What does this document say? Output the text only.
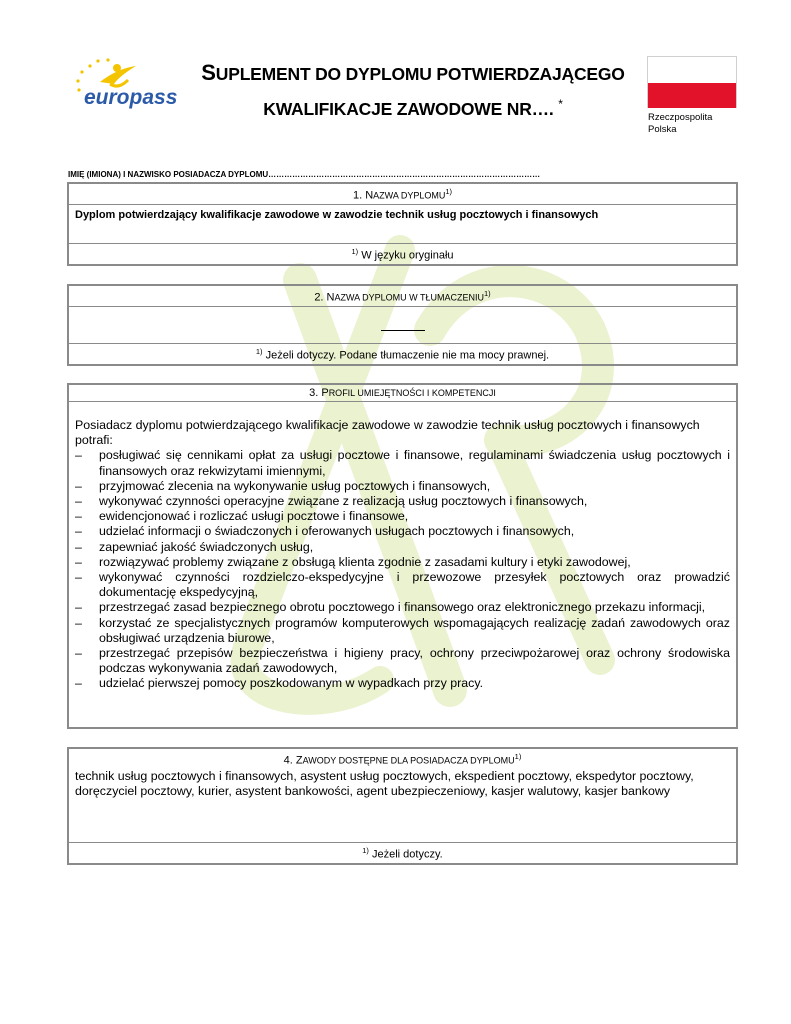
europass
SUPLEMENT DO DYPLOMU POTWIERDZAJĄCEGO
KWALIFIKACJE ZAWODOWE NR…. *
Rzeczpospolita
Polska
IMIĘ (IMIONA) I NAZWISKO POSIADACZA DYPLOMU…………………………………………………………………………………………
1. NAZWA DYPLOMU$^{1)}$
Dyplom potwierdzający kwalifikacje zawodowe w zawodzie technik usług pocztowych i finansowych
$^{1)}$ W języku oryginału
2. NAZWA DYPLOMU W TŁUMACZENIU$^{1)}$
$^{1)}$ Jeżeli dotyczy. Podane tłumaczenie nie ma mocy prawnej.
3. PROFIL UMIEJĘTNOŚCI I KOMPETENCJI
Posiadacz dyplomu potwierdzającego kwalifikacje zawodowe w zawodzie technik usług pocztowych i finansowych potrafi:
– posługiwać się cennikami opłat za usługi pocztowe i finansowe, regulaminami świadczenia usług pocztowych i finansowych oraz rekwizytami imiennymi,
– przyjmować zlecenia na wykonywanie usług pocztowych i finansowych,
– wykonywać czynności operacyjne związane z realizacją usług pocztowych i finansowych,
– ewidencjonować i rozliczać usługi pocztowe i finansowe,
– udzielać informacji o świadczonych i oferowanych usługach pocztowych i finansowych,
– zapewniać jakość świadczonych usług,
– rozwiązywać problemy związane z obsługą klienta zgodnie z zasadami kultury i etyki zawodowej,
– wykonywać czynności rozdzielczo-ekspedycyjne i przewozowe przesyłek pocztowych oraz prowadzić dokumentację ekspedycyjną,
– przestrzegać zasad bezpiecznego obrotu pocztowego i finansowego oraz elektronicznego przekazu informacji,
– korzystać ze specjalistycznych programów komputerowych wspomagających realizację zadań zawodowych oraz obsługiwać urządzenia biurowe,
– przestrzegać przepisów bezpieczeństwa i higieny pracy, ochrony przeciwpożarowej oraz ochrony środowiska podczas wykonywania zadań zawodowych,
– udzielać pierwszej pomocy poszkodowanym w wypadkach przy pracy.
4. ZAWODY DOSTĘPNE DLA POSIADACZA DYPLOMU$^{1)}$
technik usług pocztowych i finansowych, asystent usług pocztowych, ekspedient pocztowy, ekspedytor pocztowy, doręczyciel pocztowy, kurier, asystent bankowości, agent ubezpieczeniowy, kasjer walutowy, kasjer bankowy
$^{1)}$ Jeżeli dotyczy.
